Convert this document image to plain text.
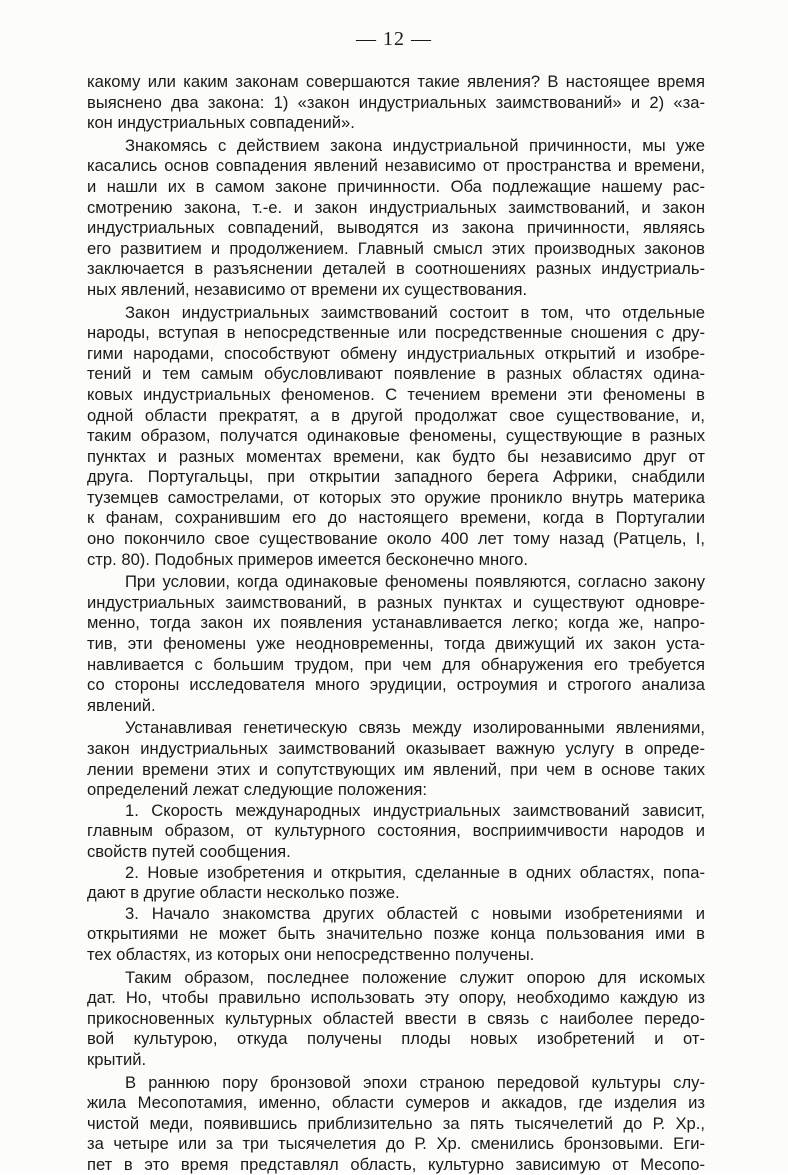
— 12 —
какому или каким законам совершаются такие явления? В настоящее время
выяснено два закона: 1) «закон индустриальных заимствований» и 2) «за-
кон индустриальных совпадений».
Знакомясь с действием закона индустриальной причинности, мы уже
касались основ совпадения явлений независимо от пространства и времени,
и нашли их в самом законе причинности. Оба подлежащие нашему рас-
смотрению закона, т.-е. и закон индустриальных заимствований, и закон
индустриальных совпадений, выводятся из закона причинности, являясь
его развитием и продолжением. Главный смысл этих производных законов
заключается в разъяснении деталей в соотношениях разных индустриаль-
ных явлений, независимо от времени их существования.
Закон индустриальных заимствований состоит в том, что отдельные
народы, вступая в непосредственные или посредственные сношения с дру-
гими народами, способствуют обмену индустриальных открытий и изобре-
тений и тем самым обусловливают появление в разных областях одина-
ковых индустриальных феноменов. С течением времени эти феномены в
одной области прекратят, а в другой продолжат свое существование, и,
таким образом, получатся одинаковые феномены, существующие в разных
пунктах и разных моментах времени, как будто бы независимо друг от
друга. Португальцы, при открытии западного берега Африки, снабдили
туземцев самострелами, от которых это оружие проникло внутрь материка
к фанам, сохранившим его до настоящего времени, когда в Португалии
оно покончило свое существование около 400 лет тому назад (Ратцель, I,
стр. 80). Подобных примеров имеется бесконечно много.
При условии, когда одинаковые феномены появляются, согласно закону
индустриальных заимствований, в разных пунктах и существуют одновре-
менно, тогда закон их появления устанавливается легко; когда же, напро-
тив, эти феномены уже неодновременны, тогда движущий их закон уста-
навливается с большим трудом, при чем для обнаружения его требуется
со стороны исследователя много эрудиции, остроумия и строгого анализа
явлений.
Устанавливая генетическую связь между изолированными явлениями,
закон индустриальных заимствований оказывает важную услугу в опреде-
лении времени этих и сопутствующих им явлений, при чем в основе таких
определений лежат следующие положения:
1. Скорость международных индустриальных заимствований зависит,
главным образом, от культурного состояния, восприимчивости народов и
свойств путей сообщения.
2. Новые изобретения и открытия, сделанные в одних областях, попа-
дают в другие области несколько позже.
3. Начало знакомства других областей с новыми изобретениями и
открытиями не может быть значительно позже конца пользования ими в
тех областях, из которых они непосредственно получены.
Таким образом, последнее положение служит опорою для искомых
дат. Но, чтобы правильно использовать эту опору, необходимо каждую из
прикосновенных культурных областей ввести в связь с наиболее передо-
вой культурою, откуда получены плоды новых изобретений и от-
крытий.
В раннюю пору бронзовой эпохи страною передовой культуры слу-
жила Месопотамия, именно, области сумеров и аккадов, где изделия из
чистой меди, появившись приблизительно за пять тысячелетий до Р. Хр.,
за четыре или за три тысячелетия до Р. Хр. сменились бронзовыми. Еги-
пет в это время представлял область, культурно зависимую от Месопо-
